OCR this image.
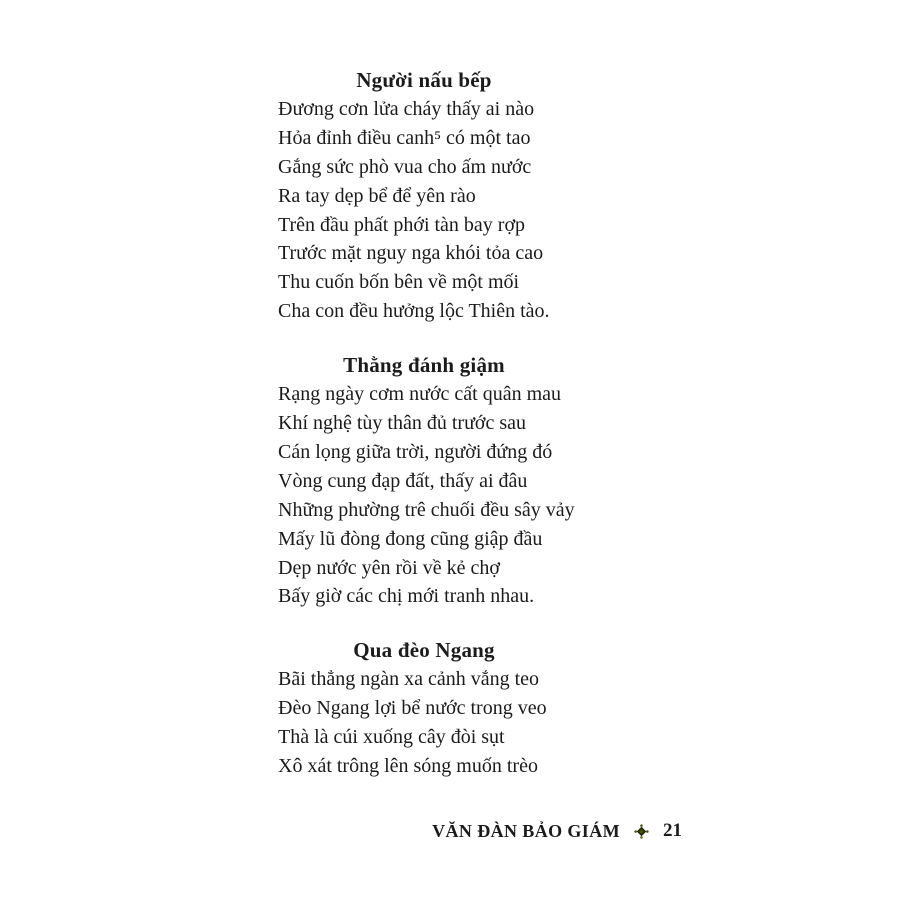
Người nấu bếp
Đương cơn lửa cháy thấy ai nào
Hỏa đỉnh điều canh⁵ có một tao
Gắng sức phò vua cho ấm nước
Ra tay dẹp bể để yên rào
Trên đầu phất phới tàn bay rợp
Trước mặt nguy nga khói tỏa cao
Thu cuốn bốn bên về một mối
Cha con đều hưởng lộc Thiên tào.
Thằng đánh giậm
Rạng ngày cơm nước cất quân mau
Khí nghệ tùy thân đủ trước sau
Cán lọng giữa trời, người đứng đó
Vòng cung đạp đất, thấy ai đâu
Những phường trê chuối đều sây vảy
Mấy lũ đòng đong cũng giập đầu
Dẹp nước yên rồi về kẻ chợ
Bấy giờ các chị mới tranh nhau.
Qua đèo Ngang
Bãi thẳng ngàn xa cảnh vắng teo
Đèo Ngang lợi bể nước trong veo
Thà là cúi xuống cây đòi sụt
Xô xát trông lên sóng muốn trèo
VĂN ĐÀN BẢO GIÁM 21
